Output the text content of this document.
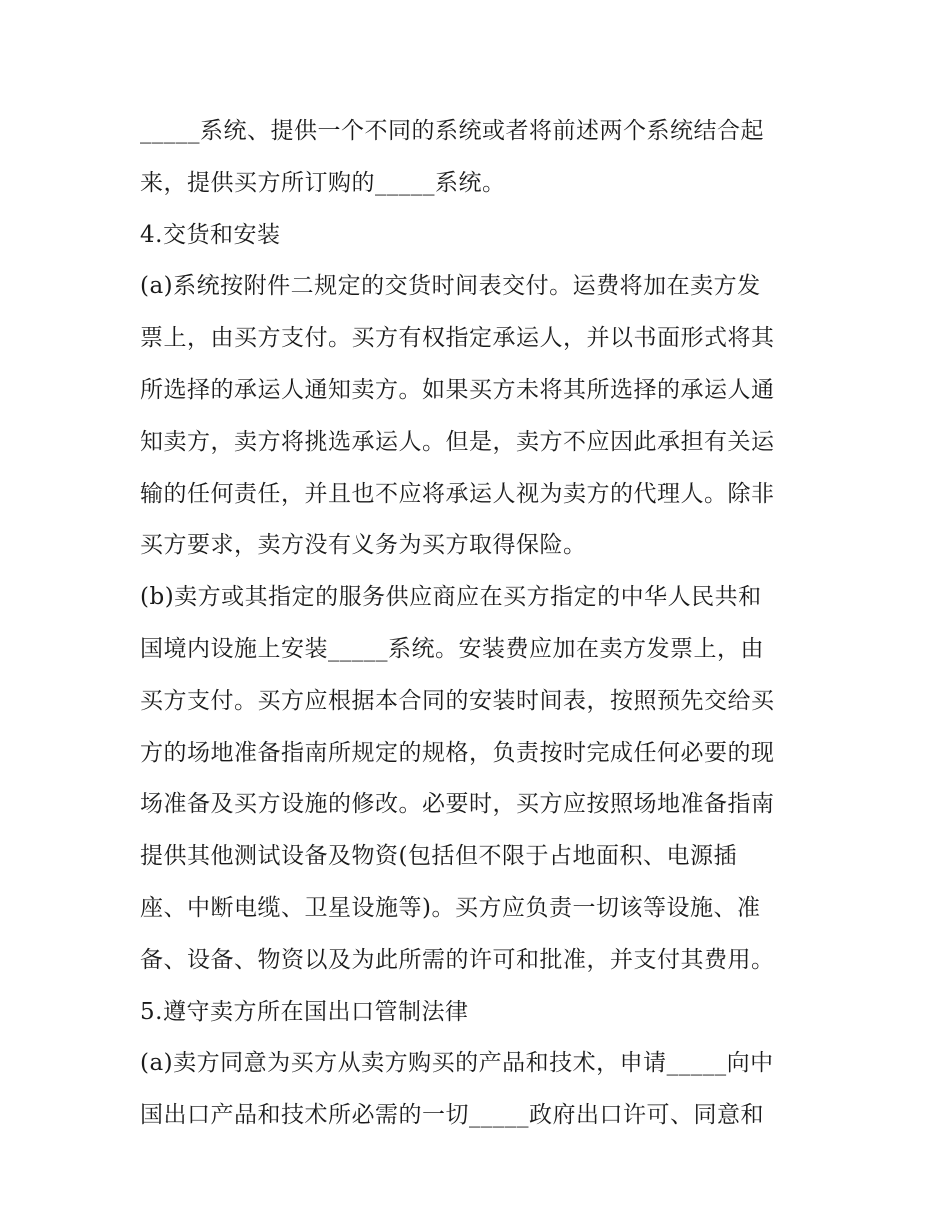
_____系统、提供一个不同的系统或者将前述两个系统结合起
来，提供买方所订购的_____系统。
4.交货和安装
(a)系统按附件二规定的交货时间表交付。运费将加在卖方发
票上，由买方支付。买方有权指定承运人，并以书面形式将其
所选择的承运人通知卖方。如果买方未将其所选择的承运人通
知卖方，卖方将挑选承运人。但是，卖方不应因此承担有关运
输的任何责任，并且也不应将承运人视为卖方的代理人。除非
买方要求，卖方没有义务为买方取得保险。
(b)卖方或其指定的服务供应商应在买方指定的中华人民共和
国境内设施上安装_____系统。安装费应加在卖方发票上，由
买方支付。买方应根据本合同的安装时间表，按照预先交给买
方的场地准备指南所规定的规格，负责按时完成任何必要的现
场准备及买方设施的修改。必要时，买方应按照场地准备指南
提供其他测试设备及物资(包括但不限于占地面积、电源插
座、中断电缆、卫星设施等)。买方应负责一切该等设施、准
备、设备、物资以及为此所需的许可和批准，并支付其费用。
5.遵守卖方所在国出口管制法律
(a)卖方同意为买方从卖方购买的产品和技术，申请_____向中
国出口产品和技术所必需的一切_____政府出口许可、同意和
